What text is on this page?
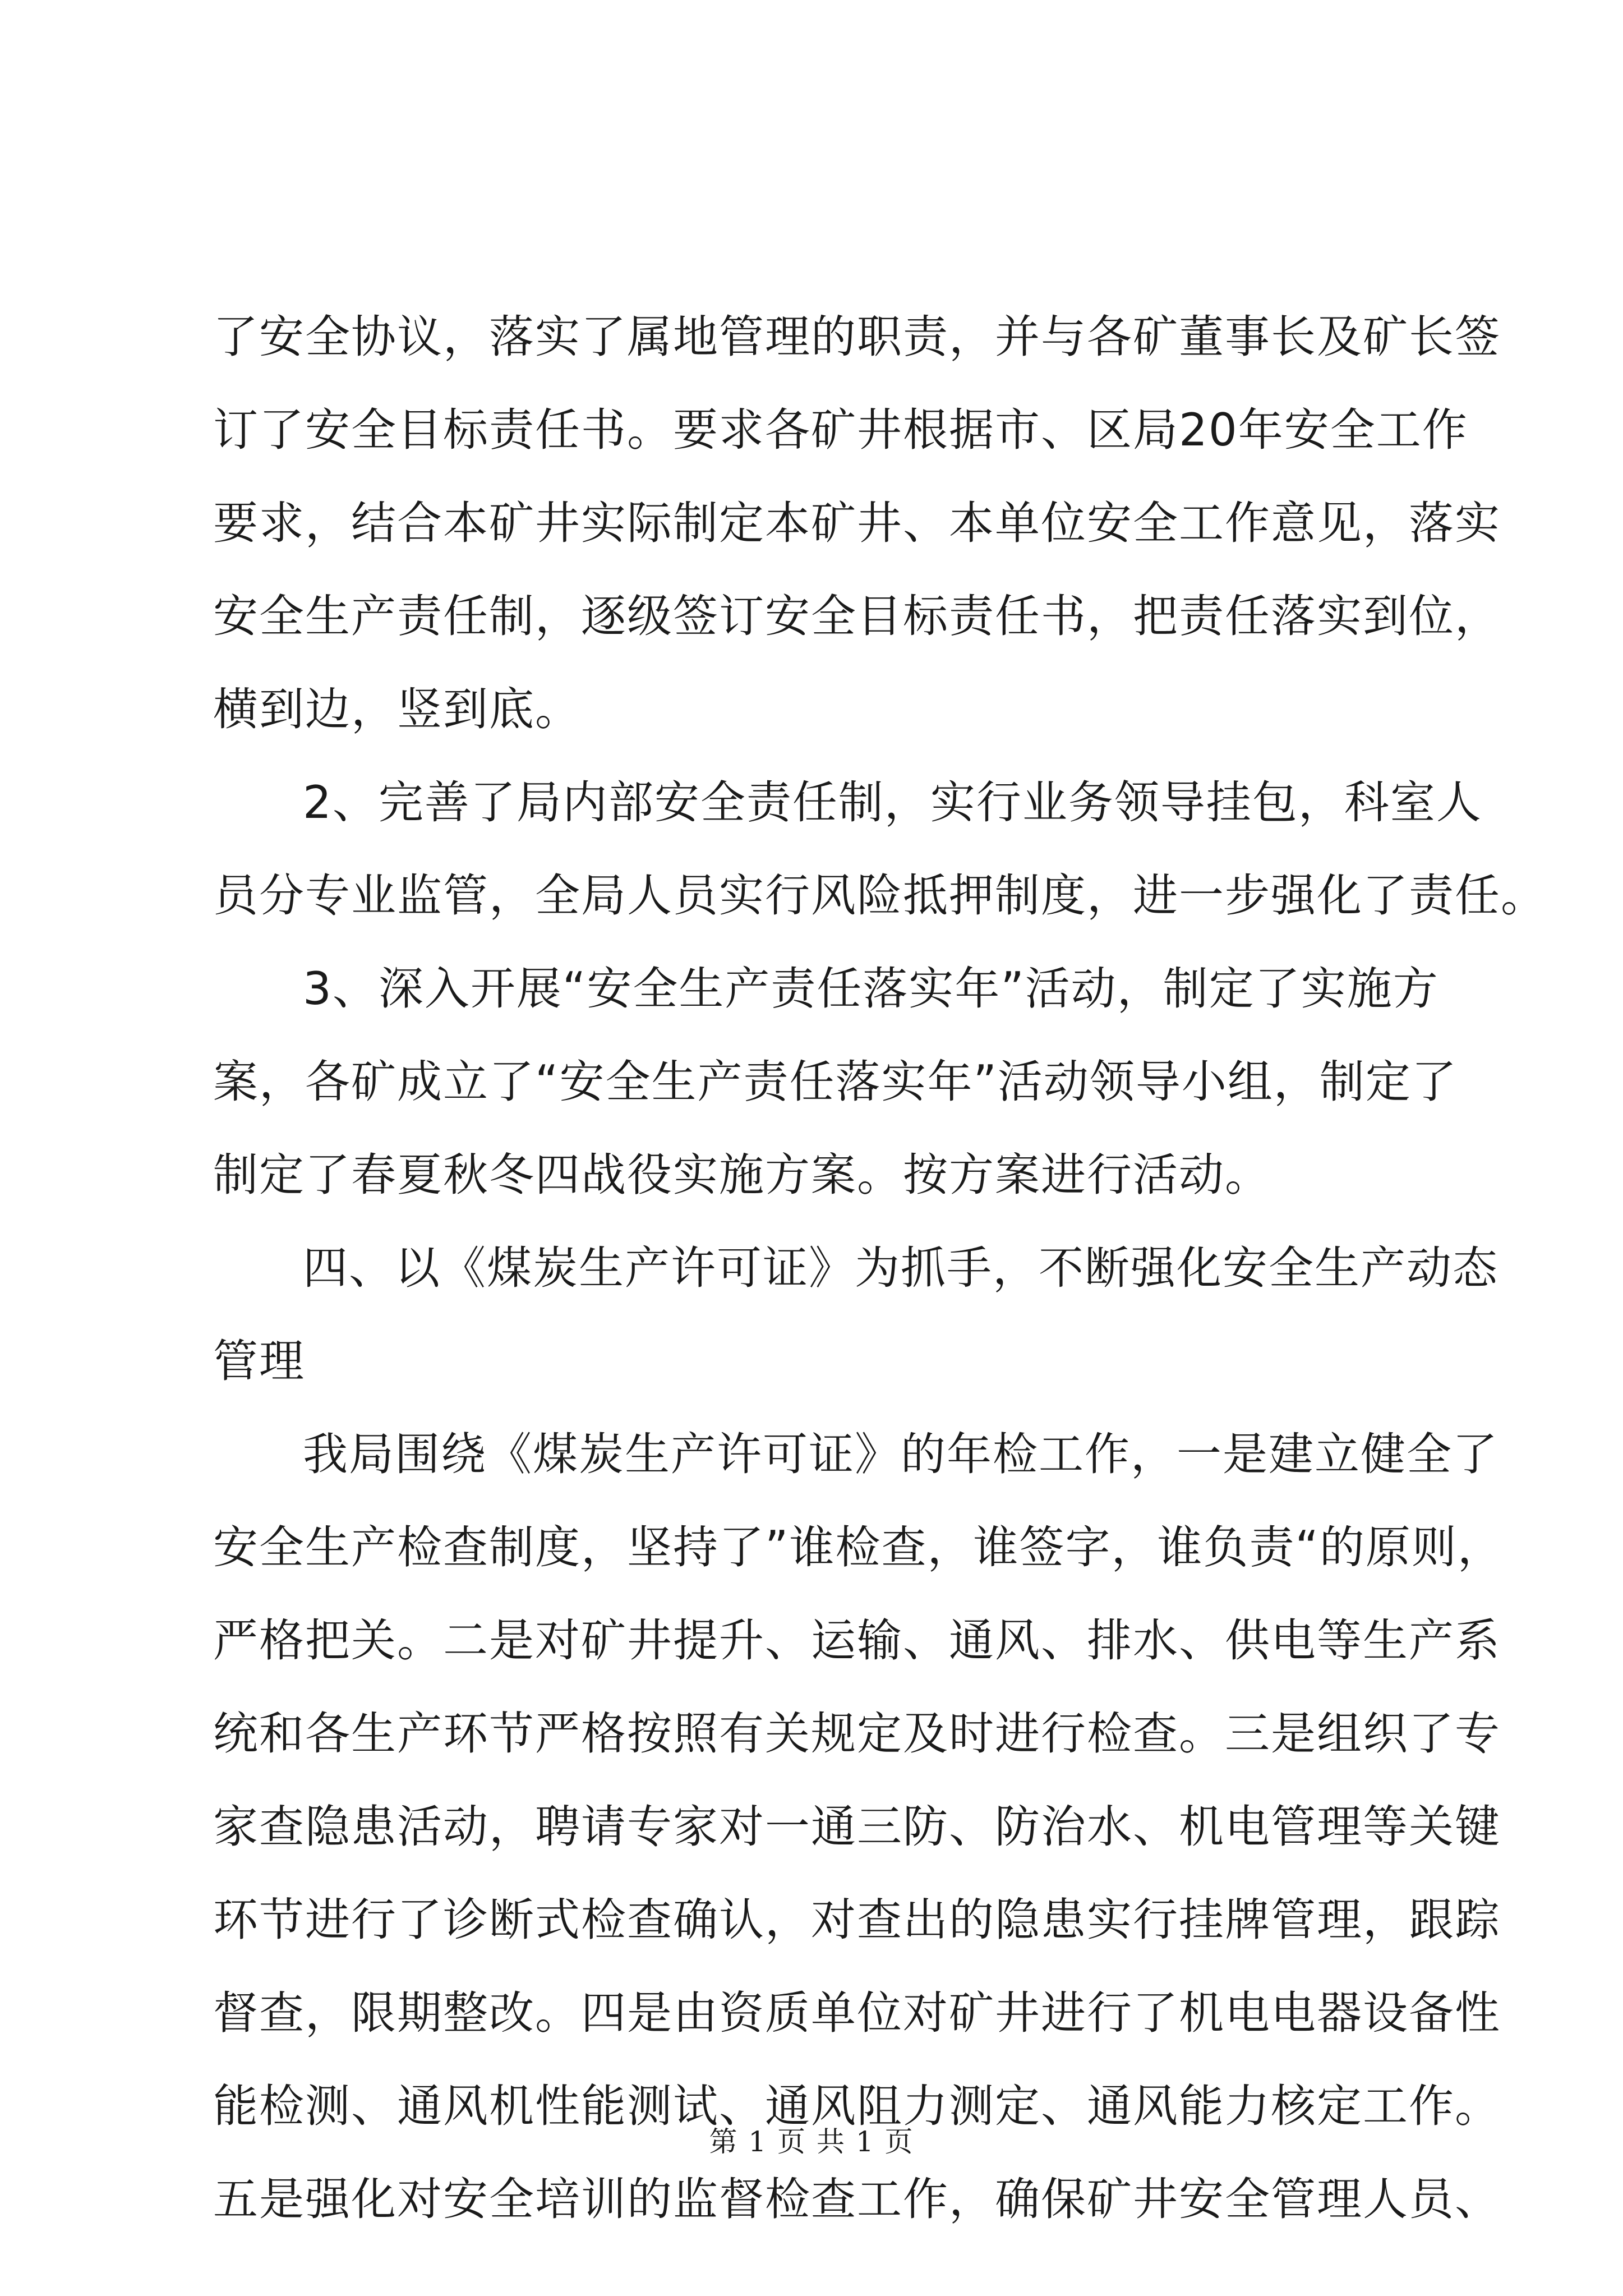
了安全协议，落实了属地管理的职责，并与各矿董事长及矿长签
订了安全目标责任书。要求各矿井根据市、区局20年安全工作
要求，结合本矿井实际制定本矿井、本单位安全工作意见，落实
安全生产责任制，逐级签订安全目标责任书，把责任落实到位，
横到边，竖到底。
2、完善了局内部安全责任制，实行业务领导挂包，科室人
员分专业监管，全局人员实行风险抵押制度，进一步强化了责任。
3、深入开展“安全生产责任落实年”活动，制定了实施方
案，各矿成立了“安全生产责任落实年”活动领导小组，制定了
制定了春夏秋冬四战役实施方案。按方案进行活动。
四、以《煤炭生产许可证》为抓手，不断强化安全生产动态
管理
我局围绕《煤炭生产许可证》的年检工作，一是建立健全了
安全生产检查制度，坚持了”谁检查，谁签字，谁负责“的原则，
严格把关。二是对矿井提升、运输、通风、排水、供电等生产系
统和各生产环节严格按照有关规定及时进行检查。三是组织了专
家查隐患活动，聘请专家对一通三防、防治水、机电管理等关键
环节进行了诊断式检查确认，对查出的隐患实行挂牌管理，跟踪
督查，限期整改。四是由资质单位对矿井进行了机电电器设备性
能检测、通风机性能测试、通风阻力测定、通风能力核定工作。
五是强化对安全培训的监督检查工作，确保矿井安全管理人员、
第 1 页 共 1 页
